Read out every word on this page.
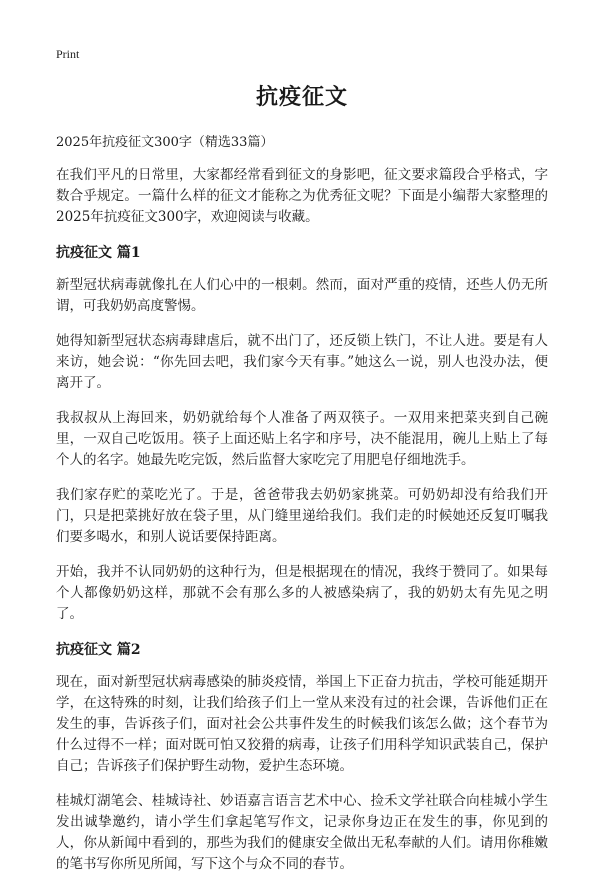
Print
抗疫征文
2025年抗疫征文300字（精选33篇）

在我们平凡的日常里，大家都经常看到征文的身影吧，征文要求篇段合乎格式，字数合乎规定。一篇什么样的征文才能称之为优秀征文呢？下面是小编帮大家整理的2025年抗疫征文300字，欢迎阅读与收藏。

抗疫征文 篇1

新型冠状病毒就像扎在人们心中的一根刺。然而，面对严重的疫情，还些人仍无所谓，可我奶奶高度警惕。

她得知新型冠状态病毒肆虐后，就不出门了，还反锁上铁门，不让人进。要是有人来访，她会说：“你先回去吧，我们家今天有事。”她这么一说，别人也没办法，便离开了。

我叔叔从上海回来，奶奶就给每个人准备了两双筷子。一双用来把菜夹到自己碗里，一双自己吃饭用。筷子上面还贴上名字和序号，决不能混用，碗儿上贴上了每个人的名字。她最先吃完饭，然后监督大家吃完了用肥皂仔细地洗手。

我们家存贮的菜吃光了。于是，爸爸带我去奶奶家挑菜。可奶奶却没有给我们开门，只是把菜挑好放在袋子里，从门缝里递给我们。我们走的时候她还反复叮嘱我们要多喝水，和别人说话要保持距离。

开始，我并不认同奶奶的这种行为，但是根据现在的情况，我终于赞同了。如果每个人都像奶奶这样，那就不会有那么多的人被感染病了，我的奶奶太有先见之明了。

抗疫征文 篇2

现在，面对新型冠状病毒感染的肺炎疫情，举国上下正奋力抗击，学校可能延期开学，在这特殊的时刻，让我们给孩子们上一堂从来没有过的社会课，告诉他们正在发生的事，告诉孩子们，面对社会公共事件发生的时候我们该怎么做；这个春节为什么过得不一样；面对既可怕又狡猾的病毒，让孩子们用科学知识武装自己，保护自己；告诉孩子们保护野生动物，爱护生态环境。

桂城灯湖笔会、桂城诗社、妙语嘉言语言艺术中心、捡禾文学社联合向桂城小学生发出诚挚邀约，请小学生们拿起笔写作文，记录你身边正在发生的事，你见到的人，你从新闻中看到的，那些为我们的健康安全做出无私奉献的人们。请用你稚嫩的笔书写你所见所闻，写下这个与众不同的春节。
